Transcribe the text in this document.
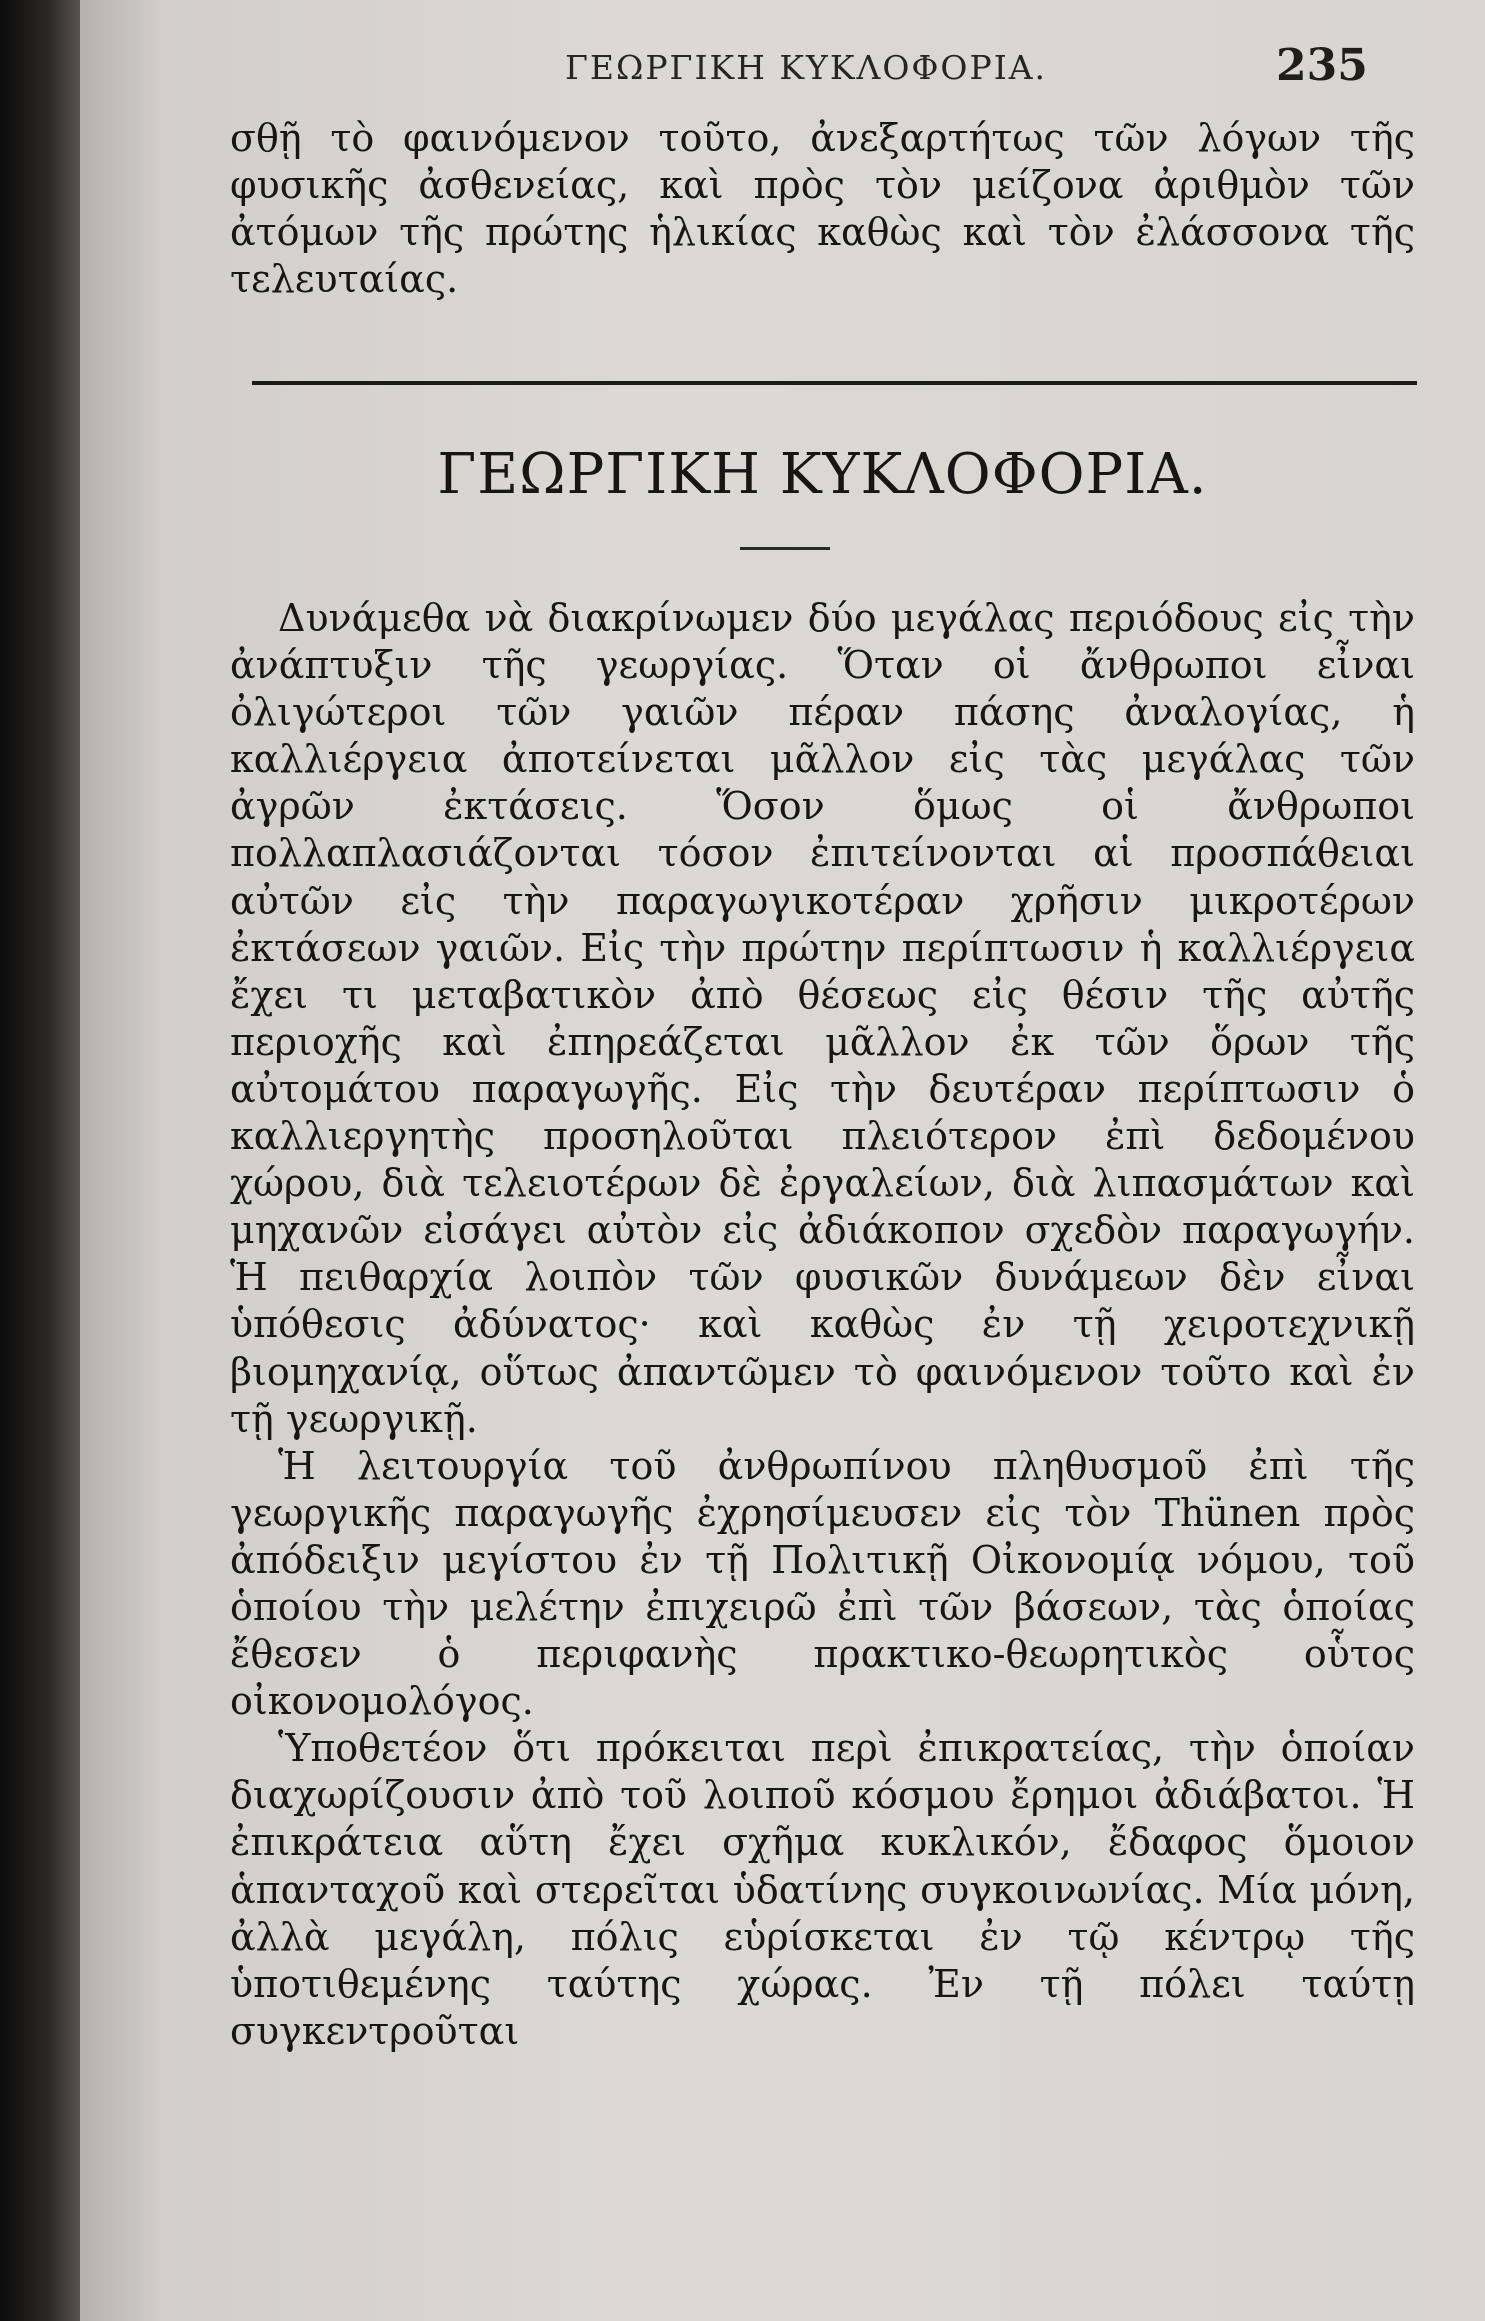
ΓΕΩΡΓΙΚΗ ΚΥΚΛΟΦΟΡΙΑ.	235

σθῇ τὸ φαινόμενον τοῦτο, ἀνεξαρτήτως τῶν λόγων τῆς φυσικῆς ἀσθενείας, καὶ πρὸς τὸν μείζονα ἀριθμὸν τῶν ἀτόμων τῆς πρώτης ἡλικίας καθὼς καὶ τὸν ἐλάσσονα τῆς τελευταίας.

ΓΕΩΡΓΙΚΗ ΚΥΚΛΟΦΟΡΙΑ.

Δυνάμεθα νὰ διακρίνωμεν δύο μεγάλας περιόδους εἰς τὴν ἀνάπτυξιν τῆς γεωργίας. Ὅταν οἱ ἄνθρωποι εἶναι ὀλιγώτεροι τῶν γαιῶν πέραν πάσης ἀναλογίας, ἡ καλλιέργεια ἀποτείνεται μᾶλλον εἰς τὰς μεγάλας τῶν ἀγρῶν ἐκτάσεις. Ὅσον ὅμως οἱ ἄνθρωποι πολλαπλασιάζονται τόσον ἐπιτείνονται αἱ προσπάθειαι αὐτῶν εἰς τὴν παραγωγικοτέραν χρῆσιν μικροτέρων ἐκτάσεων γαιῶν. Εἰς τὴν πρώτην περίπτωσιν ἡ καλλιέργεια ἔχει τι μεταβατικὸν ἀπὸ θέσεως εἰς θέσιν τῆς αὐτῆς περιοχῆς καὶ ἐπηρεάζεται μᾶλλον ἐκ τῶν ὅρων τῆς αὐτομάτου παραγωγῆς. Εἰς τὴν δευτέραν περίπτωσιν ὁ καλλιεργητὴς προσηλοῦται πλειότερον ἐπὶ δεδομένου χώρου, διὰ τελειοτέρων δὲ ἐργαλείων, διὰ λιπασμάτων καὶ μηχανῶν εἰσάγει αὐτὸν εἰς ἀδιάκοπον σχεδὸν παραγωγήν. Ἡ πειθαρχία λοιπὸν τῶν φυσικῶν δυνάμεων δὲν εἶναι ὑπόθεσις ἀδύνατος· καὶ καθὼς ἐν τῇ χειροτεχνικῇ βιομηχανίᾳ, οὕτως ἀπαντῶμεν τὸ φαινόμενον τοῦτο καὶ ἐν τῇ γεωργικῇ.

Ἡ λειτουργία τοῦ ἀνθρωπίνου πληθυσμοῦ ἐπὶ τῆς γεωργικῆς παραγωγῆς ἐχρησίμευσεν εἰς τὸν Thünen πρὸς ἀπόδειξιν μεγίστου ἐν τῇ Πολιτικῇ Οἰκονομίᾳ νόμου, τοῦ ὁποίου τὴν μελέτην ἐπιχειρῶ ἐπὶ τῶν βάσεων, τὰς ὁποίας ἔθεσεν ὁ περιφανὴς πρακτικο-θεωρητικὸς οὗτος οἰκονομολόγος.

Ὑποθετέον ὅτι πρόκειται περὶ ἐπικρατείας, τὴν ὁποίαν διαχωρίζουσιν ἀπὸ τοῦ λοιποῦ κόσμου ἔρημοι ἀδιάβατοι. Ἡ ἐπικράτεια αὕτη ἔχει σχῆμα κυκλικόν, ἔδαφος ὅμοιον ἁπανταχοῦ καὶ στερεῖται ὑδατίνης συγκοινωνίας. Μία μόνη, ἀλλὰ μεγάλη, πόλις εὑρίσκεται ἐν τῷ κέντρῳ τῆς ὑποτιθεμένης ταύτης χώρας. Ἐν τῇ πόλει ταύτῃ συγκεντροῦται
